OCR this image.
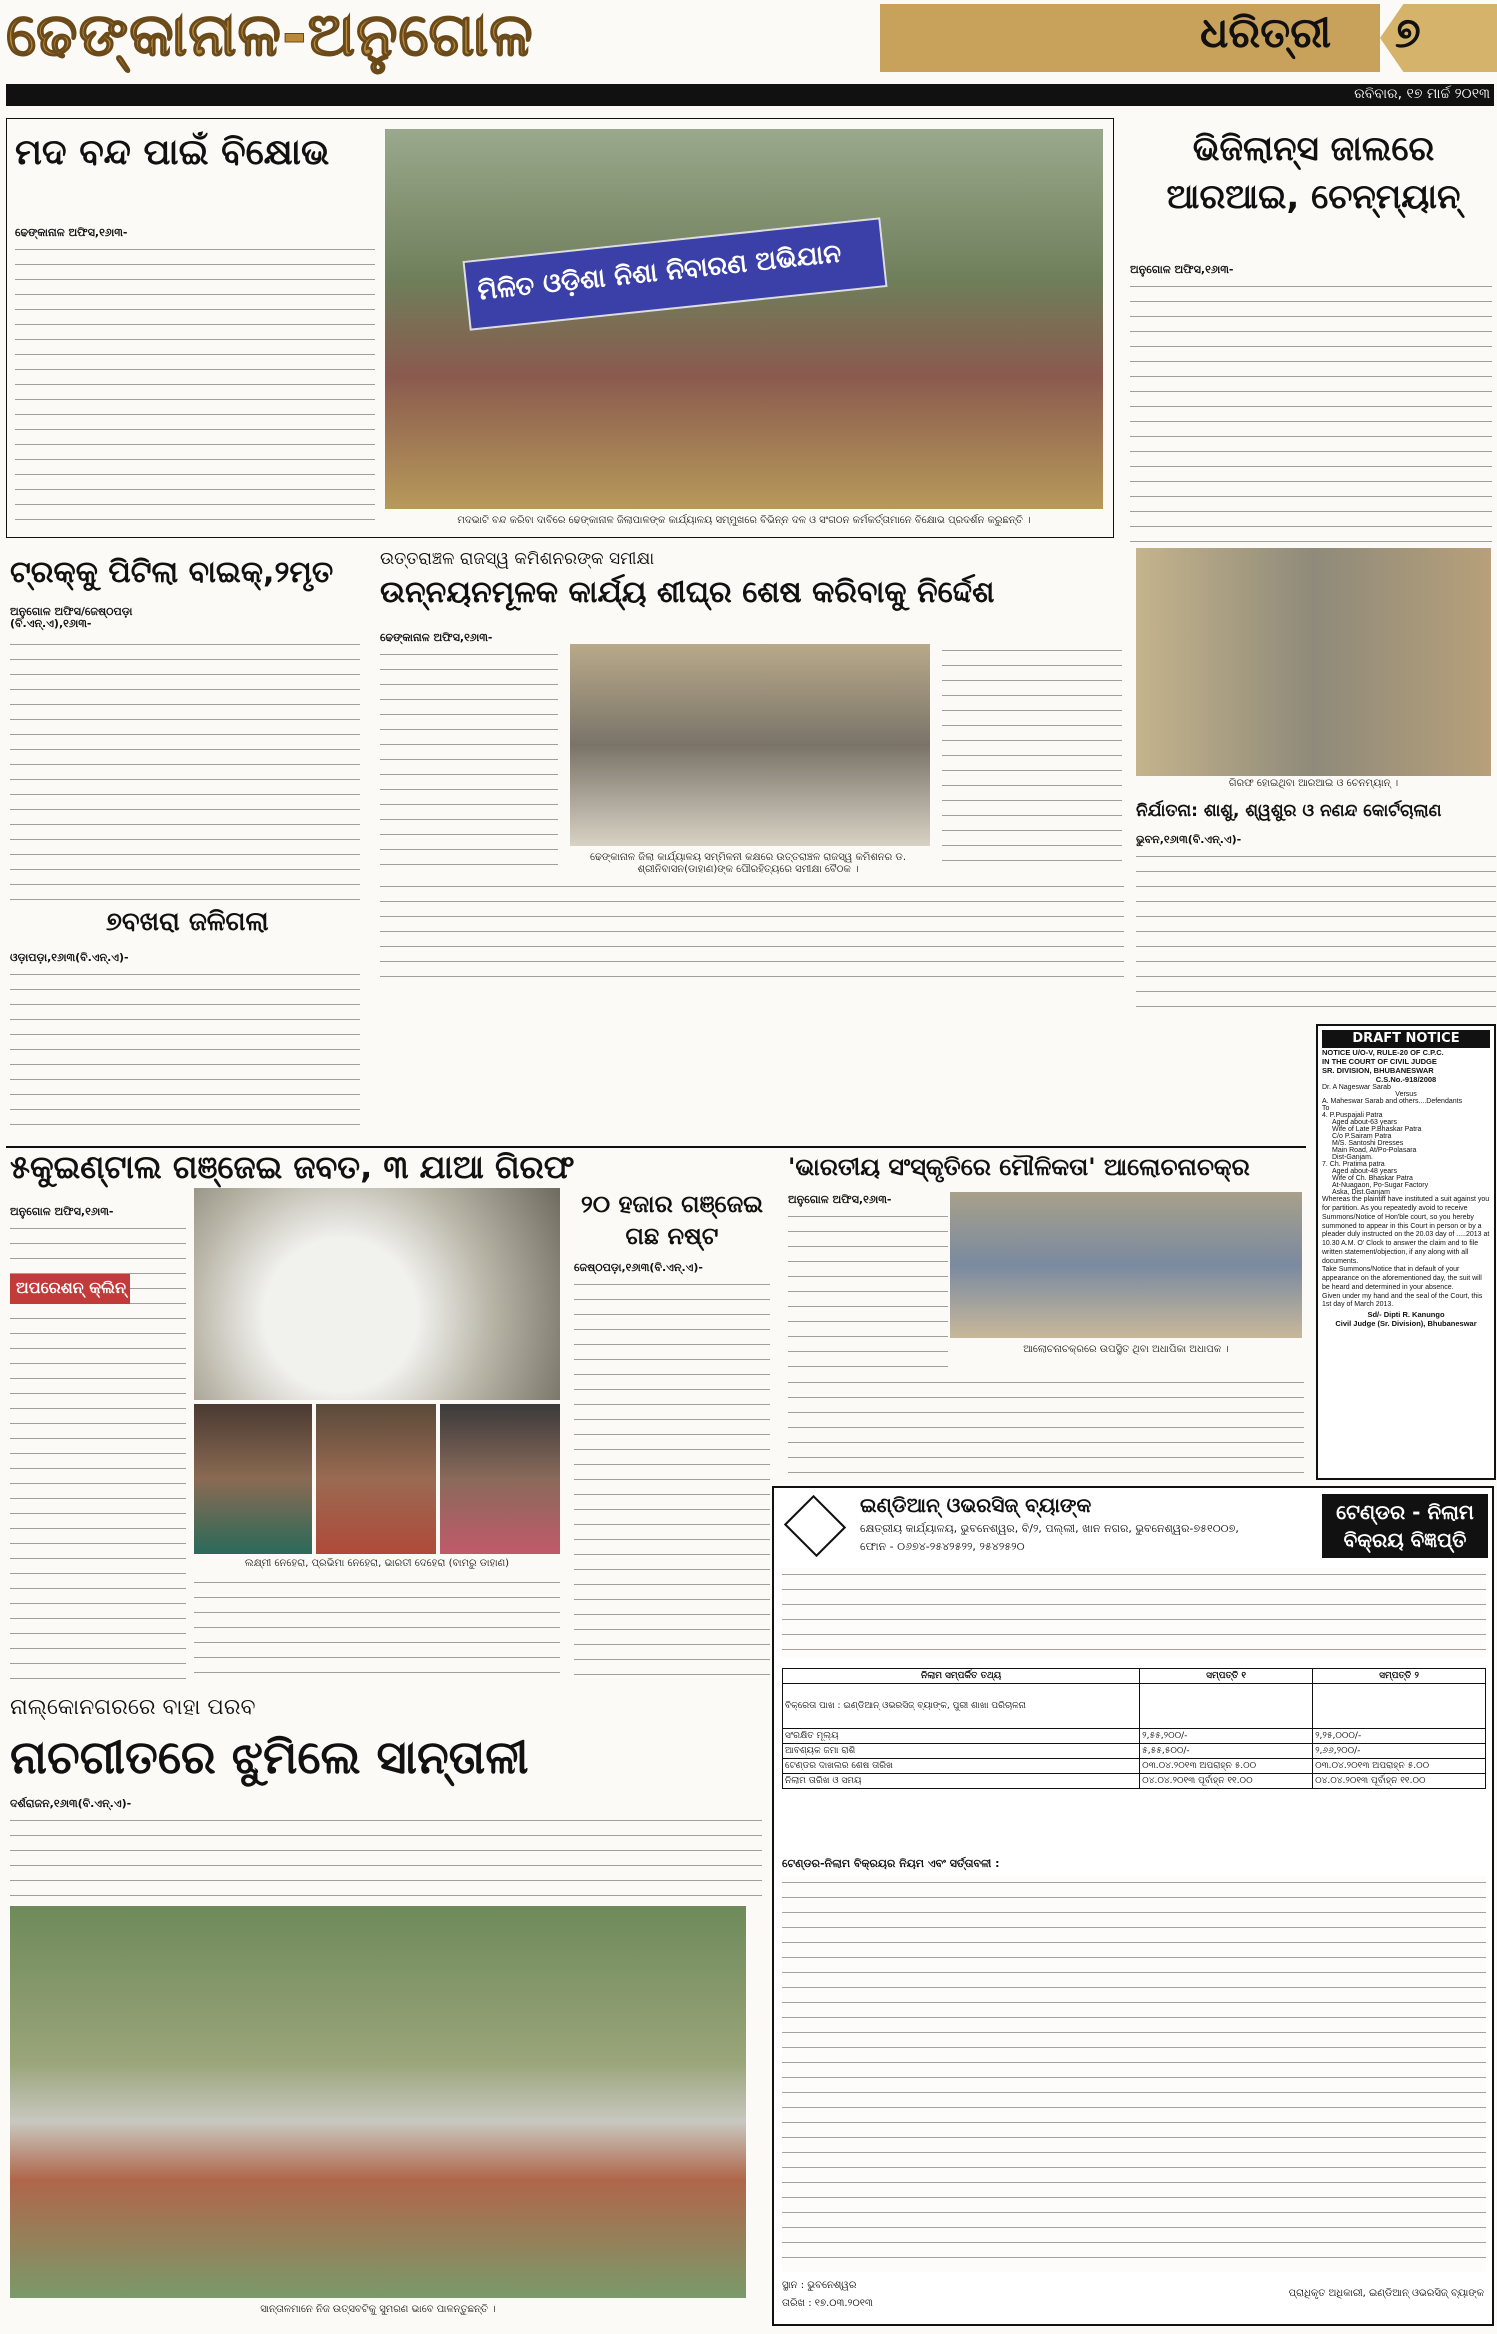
ଢେଙ୍କାନାଳ-ଅନୁଗୋଳ	ଧରିତ୍ରୀ ୭
ରବିବାର, ୧୭ ମାର୍ଚ୍ଚ ୨୦୧୩
ମଦ ବନ୍ଦ ପାଇଁ ବିକ୍ଷୋଭ
ଢେଙ୍କାନାଳ ଅଫିସ,୧୬ା୩-
ମିଳିତ ଓଡ଼ିଶା ନିଶା ନିବାରଣ ଅଭିଯାନ
ମଦଭାଟି ବନ୍ଦ କରିବା ଦାବିରେ ଢେଙ୍କାନାଳ ଜିଲାପାଳଙ୍କ କାର୍ଯ୍ୟାଳୟ ସମ୍ମୁଖରେ ବିଭିନ୍ନ ଦଳ ଓ ସଂଗଠନ କର୍ମକର୍ତ୍ତାମାନେ ବିକ୍ଷୋଭ ପ୍ରଦର୍ଶନ କରୁଛନ୍ତି ।
ଭିଜିଲାନ୍ସ ଜାଲରେ ଆରଆଇ, ଚେନ୍‌ମ୍ୟାନ୍
ଅନୁଗୋଳ ଅଫିସ,୧୬ା୩-
ଗିରଫ ହୋଇଥିବା ଆରଆଇ ଓ ଚେନମ୍ୟାନ୍ ।
ଟ୍ରକ୍‌କୁ ପିଟିଲା ବାଇକ୍,୨ମୃତ
ଅନୁଗୋଳ ଅଫିସ/ଜେଷ୍ଠପଡ଼ା (ବି.ଏନ୍.ଏ),୧୬ା୩-
୭ବଖରା ଜଳିଗଲା
ଓଡ଼ାପଡ଼ା,୧୬ା୩(ବି.ଏନ୍.ଏ)-
ଉତ୍ତରାଞ୍ଚଳ ରାଜସ୍ୱ କମିଶନରଙ୍କ ସମୀକ୍ଷା
ଉନ୍ନୟନମୂଳକ କାର୍ଯ୍ୟ ଶୀଘ୍ର ଶେଷ କରିବାକୁ ନିର୍ଦ୍ଦେଶ
ଢେଙ୍କାନାଳ ଅଫିସ,୧୬ା୩-
ଢେଙ୍କାନାଳ ଜିଲା କାର୍ଯ୍ୟାଳୟ ସମ୍ମିଳନୀ କକ୍ଷରେ ଉତ୍ତରାଞ୍ଚଳ ରାଜସ୍ୱ କମିଶନର ଡ. ଶ୍ରୀନିବାସନ(ଡାହାଣ)ଙ୍କ ପୌରହିତ୍ୟରେ ସମୀକ୍ଷା ବୈଠକ ।
ନିର୍ଯାତନା: ଶାଶୁ, ଶ୍ୱଶୁର ଓ ନଣନ୍ଦ କୋର୍ଟଚାଲାଣ
ଭୁବନ,୧୬ା୩(ବି.ଏନ୍.ଏ)-
DRAFT NOTICE
NOTICE U/O-V, RULE-20 OF C.P.C.
IN THE COURT OF CIVIL JUDGE
SR. DIVISION, BHUBANESWAR
C.S.No.-918/2008
Dr. A Nageswar Sarab
Versus
A. Maheswar Sarab and others....Defendants
To
4. P.Puspajali Patra
Aged about-63 years
Wife of Late P.Bhaskar Patra
C/o P.Sairam Patra
M/S. Santoshi Dresses
Main Road, At/Po-Polasara
Dist-Ganjam.
7. Ch. Pratima patra
Aged about-48 years
Wife of Ch. Bhaskar Patra
At-Nuagaon, Po-Sugar Factory
Aska, Dist.Ganjam
Whereas the plaintiff have instituted a suit against you for partition. As you repeatedly avoid to receive Summons/Notice of Hon'ble court, so you hereby summoned to appear in this Court in person or by a pleader duly instructed on the 20.03 day of .....2013 at 10.30 A.M. O' Clock to answer the claim and to file written statement/objection, if any along with all documents.
Take Summons/Notice that in default of your appearance on the aforementioned day, the suit will be heard and determined in your absence.
Given under my hand and the seal of the Court, this 1st day of March 2013.
Sd/- Dipti R. Kanungo
Civil Judge (Sr. Division), Bhubaneswar
୫କୁଇଣ୍ଟାଲ ଗଞ୍ଜେଇ ଜବତ, ୩ ଯାଆ ଗିରଫ
ଅନୁଗୋଳ ଅଫିସ,୧୬ା୩-
ଅପରେଶନ୍ କ୍ଲିନ୍
ଲକ୍ଷ୍ମୀ ନେହେରା, ପ୍ରଭିମା ନେହେରା, ଭାରତୀ ଦେହେରା (ବାମରୁ ଡାହାଣ)
୨୦ ହଜାର ଗଞ୍ଜେଇ ଗଛ ନଷ୍ଟ
ଜେଷ୍ଠପଡ଼ା,୧୬ା୩(ବି.ଏନ୍.ଏ)-
'ଭାରତୀୟ ସଂସ୍କୃତିରେ ମୌଳିକତା' ଆଲୋଚନାଚକ୍ର
ଅନୁଗୋଳ ଅଫିସ,୧୬ା୩-
ଆଲୋଚନାଚକ୍ରରେ ଉପସ୍ଥିତ ଥିବା ଅଧାପିକା ଅଧାପକ ।
ଇଣ୍ଡିଆନ୍ ଓଭରସିଜ୍ ବ୍ୟାଙ୍କ
କ୍ଷେତ୍ରୀୟ କାର୍ଯ୍ୟାଳୟ, ଭୁବନେଶ୍ୱର, ବି/୨, ପଲ୍ଲୀ, ଖାନ ନଗର, ଭୁବନେଶ୍ୱର-୭୫୧୦୦୭,
ଫୋନ - ୦୬୭୪-୨୫୪୨୫୨୨, ୨୫୪୨୫୨୦
ଟେଣ୍ଡର - ନିଲାମ ବିକ୍ରୟ ବିଜ୍ଞପ୍ତି
ନିଲାମ ସମ୍ପର୍କିତ ତଥ୍ୟ	ସମ୍ପତ୍ତି ୧	ସମ୍ପତ୍ତି ୨
ବିକ୍ରେତା ପାଖ : ଇଣ୍ଡିଆନ୍ ଓଭରସିଜ୍ ବ୍ୟାଙ୍କ, ପୁରୀ ଶାଖା ପରିଚାଳନା		
ସଂରକ୍ଷିତ ମୂଲ୍ୟ	୨,୫୫,୨୦୦/-	୨,୨୫,୦୦୦/-
ଆବଶ୍ୟକ ଜମା ରାଶି	୫,୫୫,୫୦୦/-	୨,୬୬,୨୦୦/-
ଟେଣ୍ଡର ଦାଖଲର ଶେଷ ତାରିଖ	୦୩.୦୪.୨୦୧୩ ଅପରାହ୍ନ ୫.୦୦	୦୩.୦୪.୨୦୧୩ ଅପରାହ୍ନ ୫.୦୦
ନିଲାମ ତାରିଖ ଓ ସମୟ	୦୪.୦୪.୨୦୧୩ ପୂର୍ବାହ୍ନ ୧୧.୦୦	୦୪.୦୪.୨୦୧୩ ପୂର୍ବାହ୍ନ ୧୧.୦୦
ଟେଣ୍ଡର-ନିଲାମ ବିକ୍ରୟର ନିୟମ ଏବଂ ସର୍ତ୍ତାବଳୀ :
ସ୍ଥାନ : ଭୁବନେଶ୍ୱର
ତାରିଖ : ୧୭.୦୩.୨୦୧୩
ପ୍ରାଧିକୃତ ଅଧିକାରୀ, ଇଣ୍ଡିଆନ୍ ଓଭରସିଜ୍ ବ୍ୟାଙ୍କ
ନାଲ୍‌କୋନଗରରେ ବାହା ପରବ
ନାଚଗୀତରେ ଝୁମିଲେ ସାନ୍ତାଳୀ
ଦର୍ଶରାଜନ,୧୬ା୩(ବି.ଏନ୍.ଏ)-
ସାନ୍ତାଳମାନେ ନିଜ ଉତ୍ସବଟିକୁ ସୁମରଣ ଭାବେ ପାଳନ୍ତୁଛନ୍ତି ।
